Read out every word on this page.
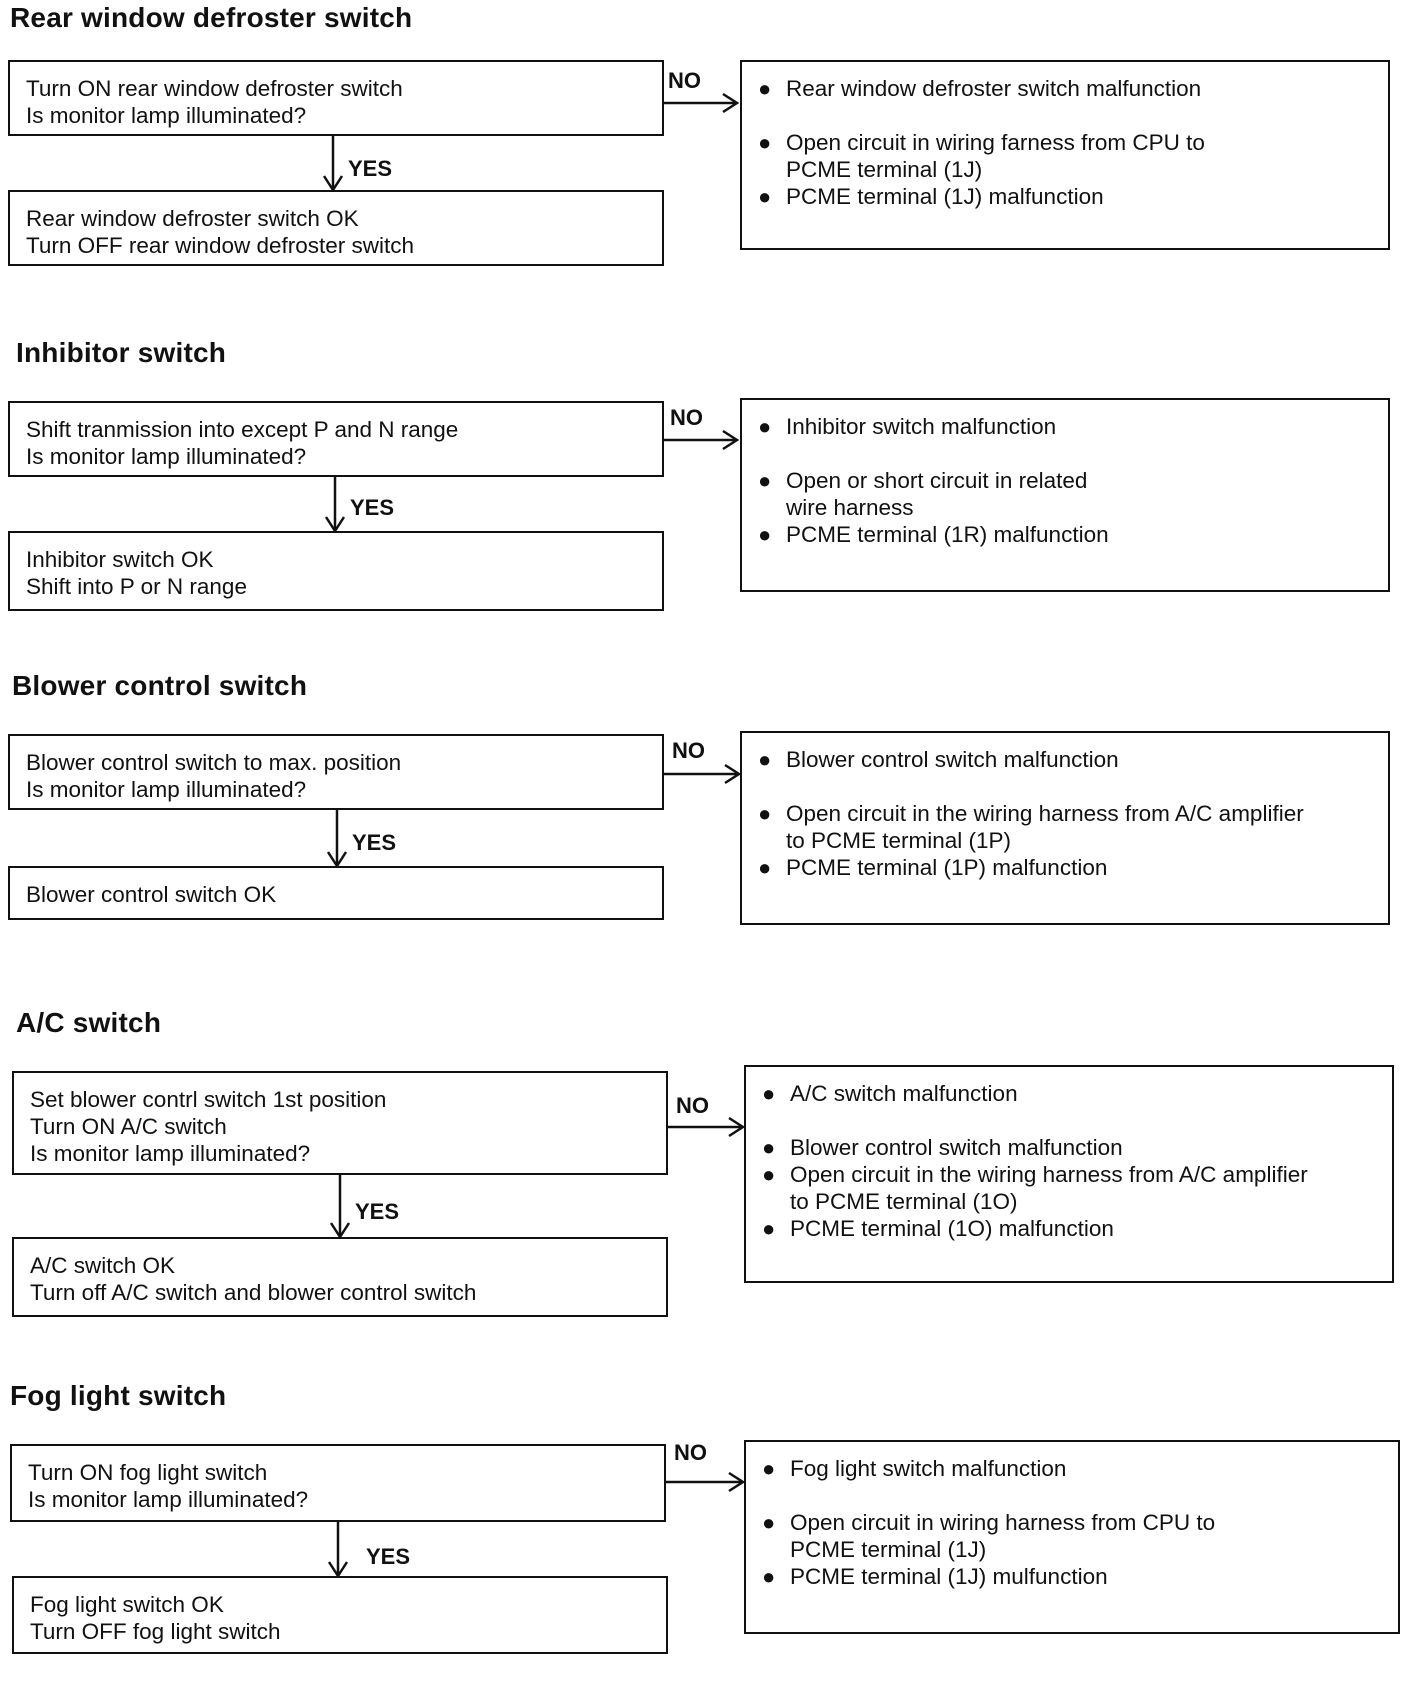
Rear window defroster switch
Turn ON rear window defroster switch
Is monitor lamp illuminated?
Rear window defroster switch OK
Turn OFF rear window defroster switch
● Rear window defroster switch malfunction
● Open circuit in wiring farness from CPU to
PCME terminal (1J)
● PCME terminal (1J) malfunction
NO
YES
Inhibitor switch
Shift tranmission into except P and N range
Is monitor lamp illuminated?
Inhibitor switch OK
Shift into P or N range
● Inhibitor switch malfunction
● Open or short circuit in related
wire harness
● PCME terminal (1R) malfunction
NO
YES
Blower control switch
Blower control switch to max. position
Is monitor lamp illuminated?
Blower control switch OK
● Blower control switch malfunction
● Open circuit in the wiring harness from A/C amplifier
to PCME terminal (1P)
● PCME terminal (1P) malfunction
NO
YES
A/C switch
Set blower contrl switch 1st position
Turn ON A/C switch
Is monitor lamp illuminated?
A/C switch OK
Turn off A/C switch and blower control switch
● A/C switch malfunction
● Blower control switch malfunction
● Open circuit in the wiring harness from A/C amplifier
to PCME terminal (1O)
● PCME terminal (1O) malfunction
NO
YES
Fog light switch
Turn ON fog light switch
Is monitor lamp illuminated?
Fog light switch OK
Turn OFF fog light switch
● Fog light switch malfunction
● Open circuit in wiring harness from CPU to
PCME terminal (1J)
● PCME terminal (1J) mulfunction
NO
YES
